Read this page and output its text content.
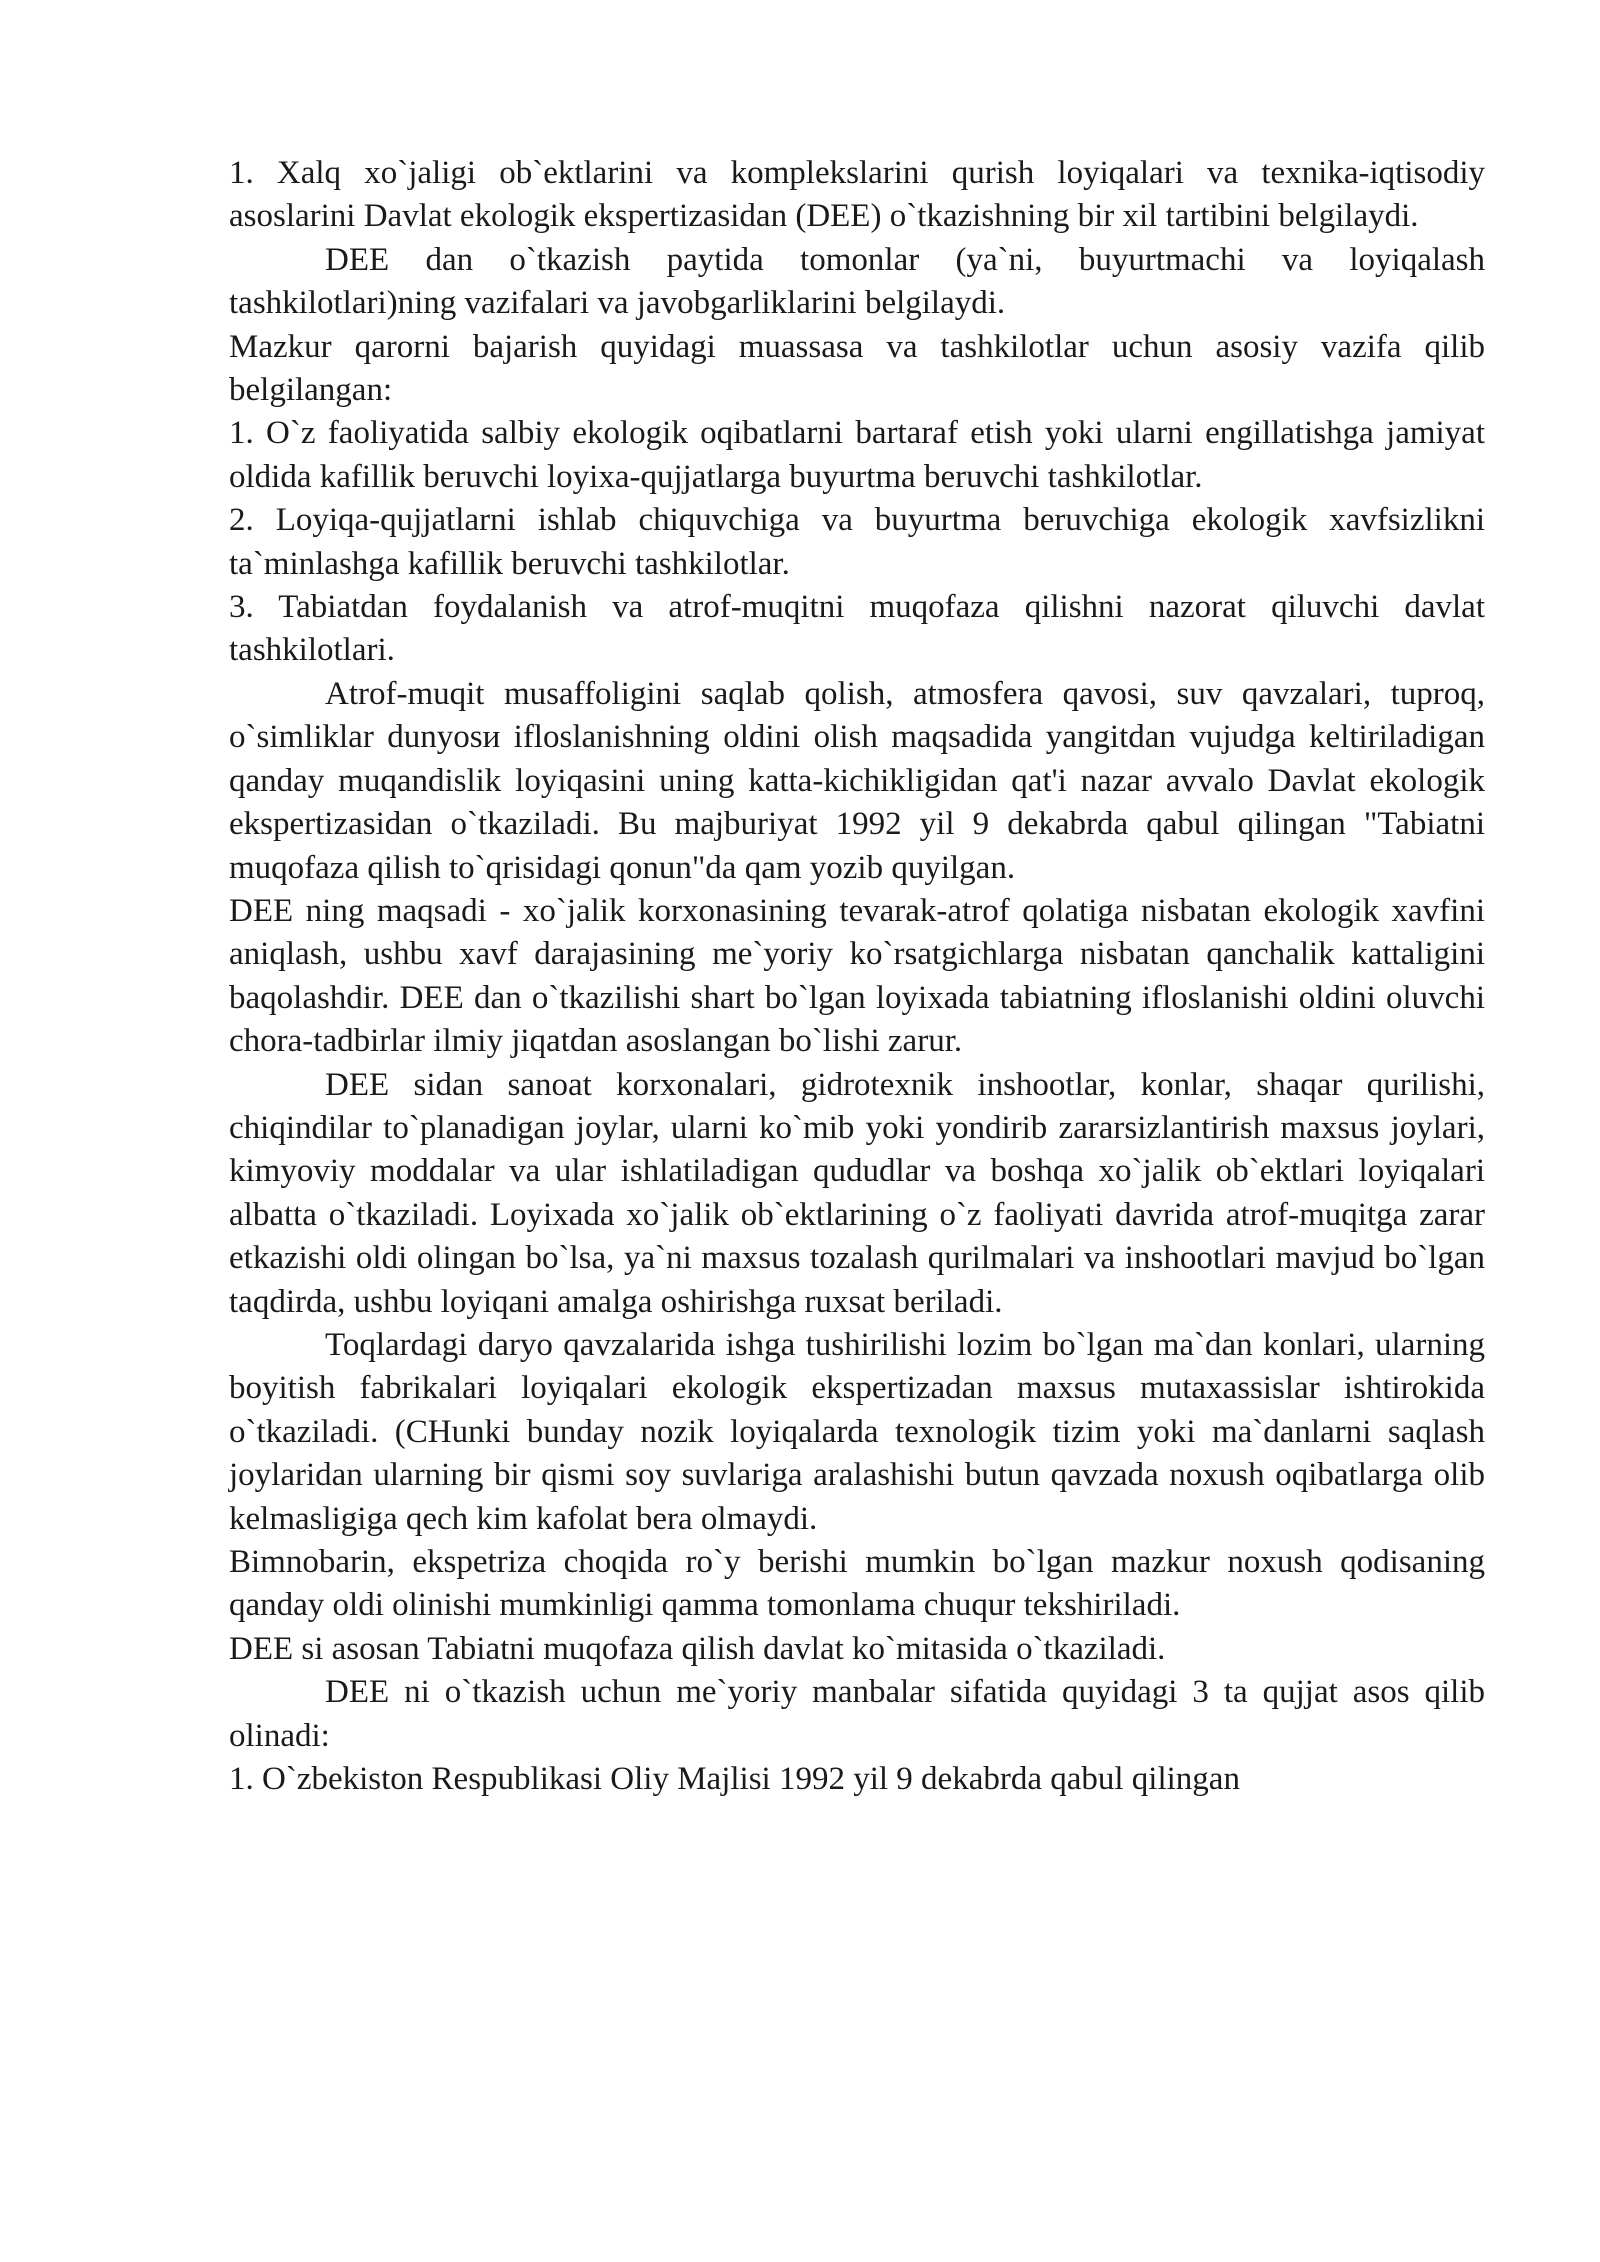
1. Xalq xo`jaligi ob`ektlarini va komplekslarini qurish loyiqalari va texnika-iqtisodiy asoslarini Davlat ekologik ekspertizasidan (DEE) o`tkazishning bir xil tartibini belgilaydi.

DEE dan o`tkazish paytida tomonlar (ya`ni, buyurtmachi va loyiqalash tashkilotlari)ning vazifalari va javobgarliklarini belgilaydi.

Mazkur qarorni bajarish quyidagi muassasa va tashkilotlar uchun asosiy vazifa qilib belgilangan:

1. O`z faoliyatida salbiy ekologik oqibatlarni bartaraf etish yoki ularni engillatishga jamiyat oldida kafillik beruvchi loyixa-qujjatlarga buyurtma beruvchi tashkilotlar.

2. Loyiqa-qujjatlarni ishlab chiquvchiga va buyurtma beruvchiga ekologik xavfsizlikni ta`minlashga kafillik beruvchi tashkilotlar.

3. Tabiatdan foydalanish va atrof-muqitni muqofaza qilishni nazorat qiluvchi davlat tashkilotlari.

Atrof-muqit musaffoligini saqlab qolish, atmosfera qavosi, suv qavzalari, tuproq, o`simliklar dunyosи ifloslanishning oldini olish maqsadida yangitdan vujudga keltiriladigan qanday muqandislik loyiqasini uning katta-kichikligidan qat'i nazar avvalo Davlat ekologik ekspertizasidan o`tkaziladi. Bu majburiyat 1992 yil 9 dekabrda qabul qilingan "Tabiatni muqofaza qilish to`qrisidagi qonun"da qam yozib quyilgan.

DEE ning maqsadi - xo`jalik korxonasining tevarak-atrof qolatiga nisbatan ekologik xavfini aniqlash, ushbu xavf darajasining me`yoriy ko`rsatgichlarga nisbatan qanchalik kattaligini baqolashdir. DEE dan o`tkazilishi shart bo`lgan loyixada tabiatning ifloslanishi oldini oluvchi chora-tadbirlar ilmiy jiqatdan asoslangan bo`lishi zarur.

DEE sidan sanoat korxonalari, gidrotexnik inshootlar, konlar, shaqar qurilishi, chiqindilar to`planadigan joylar, ularni ko`mib yoki yondirib zararsizlantirish maxsus joylari, kimyoviy moddalar va ular ishlatiladigan qududlar va boshqa xo`jalik ob`ektlari loyiqalari albatta o`tkaziladi. Loyixada xo`jalik ob`ektlarining o`z faoliyati davrida atrof-muqitga zarar etkazishi oldi olingan bo`lsa, ya`ni maxsus tozalash qurilmalari va inshootlari mavjud bo`lgan taqdirda, ushbu loyiqani amalga oshirishga ruxsat beriladi.

Toqlardagi daryo qavzalarida ishga tushirilishi lozim bo`lgan ma`dan konlari, ularning boyitish fabrikalari loyiqalari ekologik ekspertizadan maxsus mutaxassislar ishtirokida o`tkaziladi. (CHunki bunday nozik loyiqalarda texnologik tizim yoki ma`danlarni saqlash joylaridan ularning bir qismi soy suvlariga aralashishi butun qavzada noxush oqibatlarga olib kelmasligiga qech kim kafolat bera olmaydi.

Bimnobarin, ekspetriza choqida ro`y berishi mumkin bo`lgan mazkur noxush qodisaning qanday oldi olinishi mumkinligi qamma tomonlama chuqur tekshiriladi.

DEE si asosan Tabiatni muqofaza qilish davlat ko`mitasida o`tkaziladi.

DEE ni o`tkazish uchun me`yoriy manbalar sifatida quyidagi 3 ta qujjat asos qilib olinadi:

1. O`zbekiston Respublikasi Oliy Majlisi 1992 yil 9 dekabrda qabul qilingan
